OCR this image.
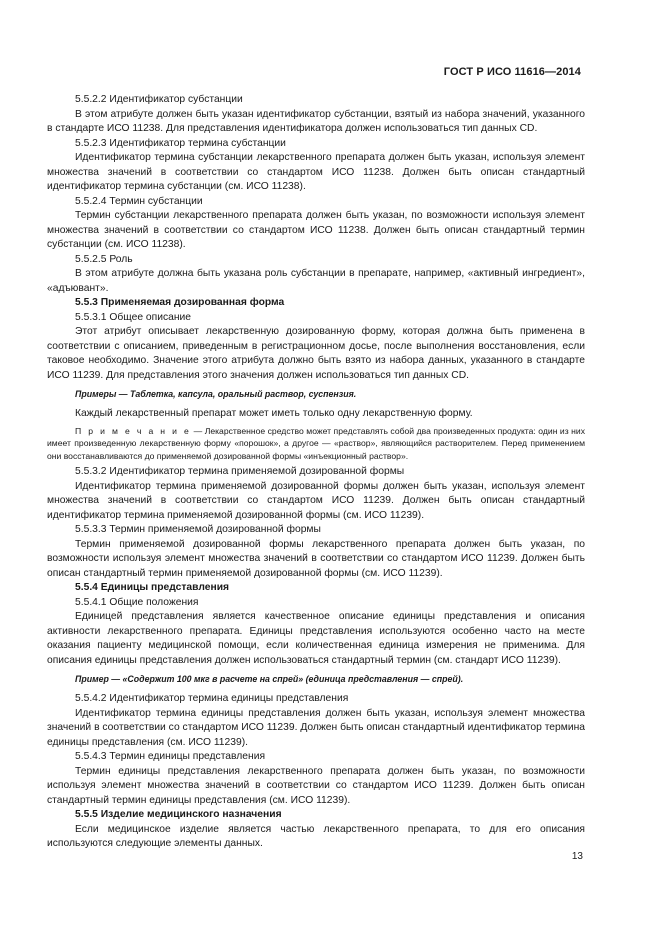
ГОСТ Р ИСО 11616—2014

5.5.2.2 Идентификатор субстанции

В этом атрибуте должен быть указан идентификатор субстанции, взятый из набора значений, указанного в стандарте ИСО 11238. Для представления идентификатора должен использоваться тип данных CD.

5.5.2.3 Идентификатор термина субстанции

Идентификатор термина субстанции лекарственного препарата должен быть указан, используя элемент множества значений в соответствии со стандартом ИСО 11238. Должен быть описан стандартный идентификатор термина субстанции (см. ИСО 11238).

5.5.2.4 Термин субстанции

Термин субстанции лекарственного препарата должен быть указан, по возможности используя элемент множества значений в соответствии со стандартом ИСО 11238. Должен быть описан стандартный термин субстанции (см. ИСО 11238).

5.5.2.5 Роль

В этом атрибуте должна быть указана роль субстанции в препарате, например, «активный ингредиент», «адъювант».

5.5.3 Применяемая дозированная форма

5.5.3.1 Общее описание

Этот атрибут описывает лекарственную дозированную форму, которая должна быть применена в соответствии с описанием, приведенным в регистрационном досье, после выполнения восстановления, если таковое необходимо. Значение этого атрибута должно быть взято из набора данных, указанного в стандарте ИСО 11239. Для представления этого значения должен использоваться тип данных CD.

Примеры — Таблетка, капсула, оральный раствор, суспензия.

Каждый лекарственный препарат может иметь только одну лекарственную форму.

П р и м е ч а н и е — Лекарственное средство может представлять собой два произведенных продукта: один из них имеет произведенную лекарственную форму «порошок», а другое — «раствор», являющийся растворителем. Перед применением они восстанавливаются до применяемой дозированной формы «инъекционный раствор».

5.5.3.2 Идентификатор термина применяемой дозированной формы

Идентификатор термина применяемой дозированной формы должен быть указан, используя элемент множества значений в соответствии со стандартом ИСО 11239. Должен быть описан стандартный идентификатор термина применяемой дозированной формы (см. ИСО 11239).

5.5.3.3 Термин применяемой дозированной формы

Термин применяемой дозированной формы лекарственного препарата должен быть указан, по возможности используя элемент множества значений в соответствии со стандартом ИСО 11239. Должен быть описан стандартный термин применяемой дозированной формы (см. ИСО 11239).

5.5.4 Единицы представления

5.5.4.1 Общие положения

Единицей представления является качественное описание единицы представления и описания активности лекарственного препарата. Единицы представления используются особенно часто на месте оказания пациенту медицинской помощи, если количественная единица измерения не применима. Для описания единицы представления должен использоваться стандартный термин (см. стандарт ИСО 11239).

Пример — «Содержит 100 мкг в расчете на спрей» (единица представления — спрей).

5.5.4.2 Идентификатор термина единицы представления

Идентификатор термина единицы представления должен быть указан, используя элемент множества значений в соответствии со стандартом ИСО 11239. Должен быть описан стандартный идентификатор термина единицы представления (см. ИСО 11239).

5.5.4.3 Термин единицы представления

Термин единицы представления лекарственного препарата должен быть указан, по возможности используя элемент множества значений в соответствии со стандартом ИСО 11239. Должен быть описан стандартный термин единицы представления (см. ИСО 11239).

5.5.5 Изделие медицинского назначения

Если медицинское изделие является частью лекарственного препарата, то для его описания используются следующие элементы данных.

13
